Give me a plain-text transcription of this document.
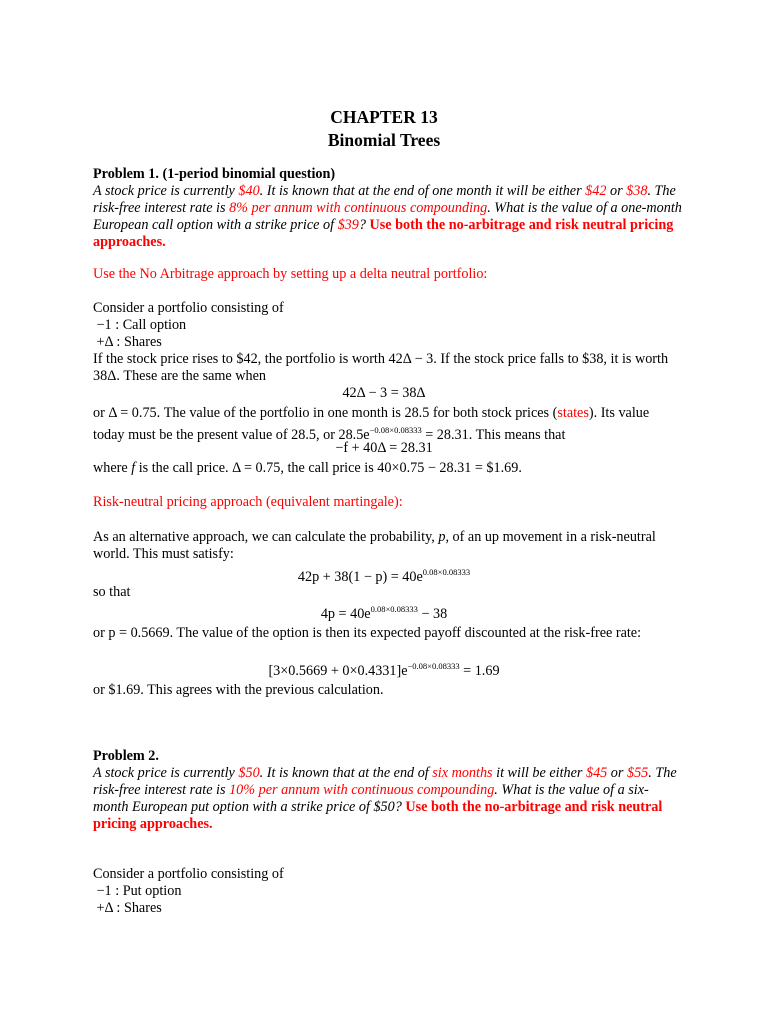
CHAPTER 13
Binomial Trees

Problem 1. (1-period binomial question)

A stock price is currently $40. It is known that at the end of one month it will be either $42 or $38. The risk-free interest rate is 8% per annum with continuous compounding. What is the value of a one-month European call option with a strike price of $39? Use both the no-arbitrage and risk neutral pricing approaches.

Use the No Arbitrage approach by setting up a delta neutral portfolio:

Consider a portfolio consisting of

−1 : Call option

+Δ : Shares

If the stock price rises to $42, the portfolio is worth 42Δ − 3. If the stock price falls to $38, it is worth 38Δ. These are the same when

42Δ − 3 = 38Δ

or Δ = 0.75. The value of the portfolio in one month is 28.5 for both stock prices (states). Its value today must be the present value of 28.5, or $28.5e^{-0.08\times 0.08333} = 28.31$. This means that

−f + 40Δ = 28.31

where f is the call price. Δ = 0.75, the call price is 40×0.75 − 28.31 = $1.69.

Risk-neutral pricing approach (equivalent martingale):

As an alternative approach, we can calculate the probability, p, of an up movement in a risk-neutral world. This must satisfy:

$42p + 38(1 - p) = 40e^{0.08\times 0.08333}$

so that

$4p = 40e^{0.08\times 0.08333} - 38$

or p = 0.5669. The value of the option is then its expected payoff discounted at the risk-free rate:

$[3\times 0.5669 + 0\times 0.4331]e^{-0.08\times 0.08333} = 1.69$

or $1.69. This agrees with the previous calculation.

Problem 2.

A stock price is currently $50. It is known that at the end of six months it will be either $45 or $55. The risk-free interest rate is 10% per annum with continuous compounding. What is the value of a six-month European put option with a strike price of $50? Use both the no-arbitrage and risk neutral pricing approaches.

Consider a portfolio consisting of

−1 : Put option

+Δ : Shares
